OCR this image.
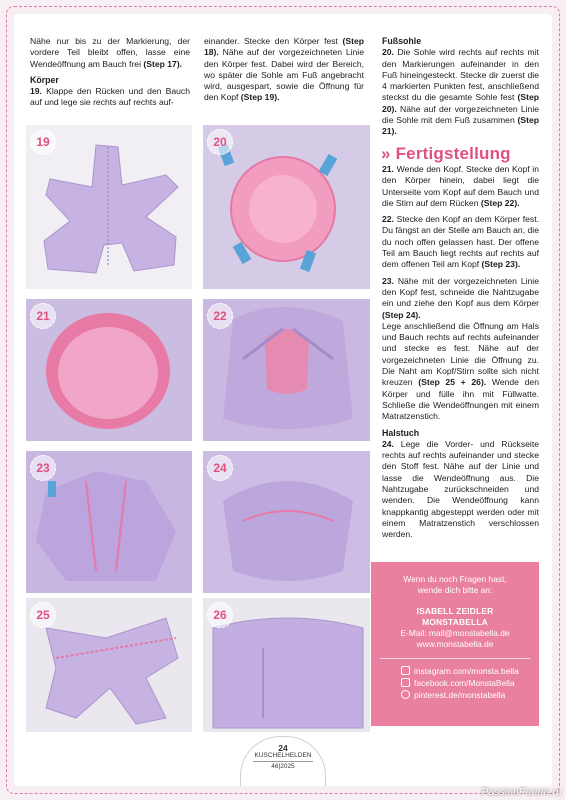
Nähe nur bis zu der Markierung, der vordere Teil bleibt offen, lasse eine Wendeöffnung am Bauch frei (Step 17).

Körper

19. Klappe den Rücken und den Bauch auf und lege sie rechts auf rechts auf-

einander. Stecke den Körper fest (Step 18). Nähe auf der vorgezeichneten Linie den Körper fest. Dabei wird der Bereich, wo später die Sohle am Fuß angebracht wird, ausgespart, sowie die Öffnung für den Kopf (Step 19).

Fußsohle

20. Die Sohle wird rechts auf rechts mit den Markierungen aufeinander in den Fuß hineingesteckt. Stecke dir zuerst die 4 markierten Punkten fest, anschließend steckst du die gesamte Sohle fest (Step 20). Nähe auf der vorgezeichneten Linie die Sohle mit dem Fuß zusammen (Step 21).

» Fertigstellung

21. Wende den Kopf. Stecke den Kopf in den Körper hinein, dabei liegt die Unterseite vom Kopf auf dem Bauch und die Stirn auf dem Rücken (Step 22).

22. Stecke den Kopf an dem Körper fest. Du fängst an der Stelle am Bauch an, die du noch offen gelassen hast. Der offene Teil am Bauch liegt rechts auf rechts auf dem offenen Teil am Kopf (Step 23).

23. Nähe mit der vorgezeichneten Linie den Kopf fest, schneide die Nahtzugabe ein und ziehe den Kopf aus dem Körper (Step 24).
Lege anschließend die Öffnung am Hals und Bauch rechts auf rechts aufeinander und stecke es fest. Nähe auf der vorgezeichneten Linie die Öffnung zu. Die Naht am Kopf/Stirn sollte sich nicht kreuzen (Step 25 + 26). Wende den Körper und fülle ihn mit Füllwatte. Schließe die Wendeöffnungen mit einem Matratzenstich.

Halstuch

24. Lege die Vorder- und Rückseite rechts auf rechts aufeinander und stecke den Stoff fest. Nähe auf der Linie und lasse die Wendeöffnung aus. Die Nahtzugabe zurückschneiden und wenden. Die Wendeöffnung kann knappkantig abgesteppt werden oder mit einem Matratzenstich verschlossen werden.

19	20
21	22
23	24
25	26
Wenn du noch Fragen hast,
wende dich bitte an:
ISABELL ZEIDLER
MONSTABELLA
E-Mail: mail@monstabella.de
www.monstabella.de
instagram.com/monsta.bella
facebook.com/MonstaBella
pinterest.de/monstabella
24
KUSCHELHELDEN
46|2025
PassionForum.ru
